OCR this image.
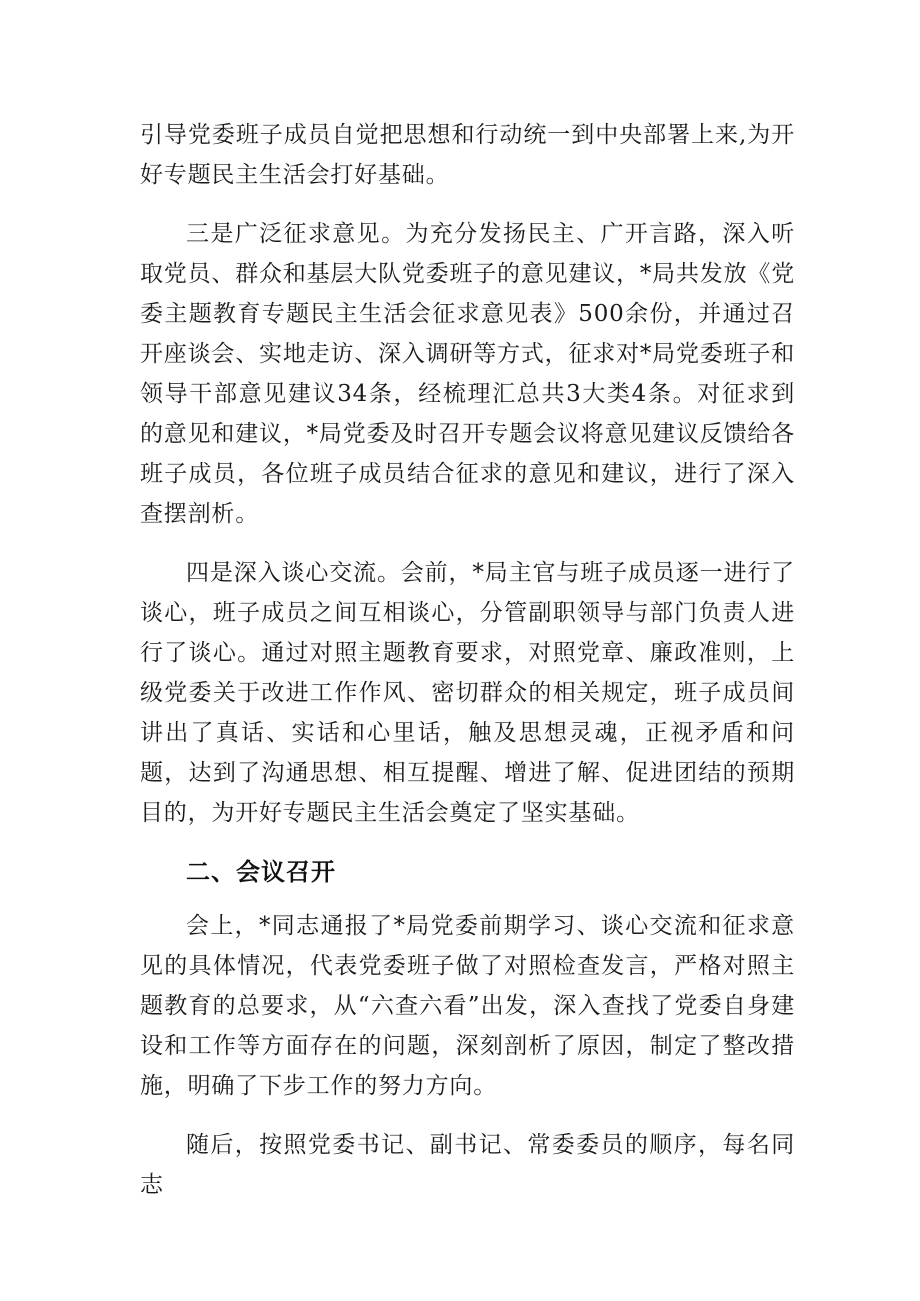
引导党委班子成员自觉把思想和行动统一到中央部署上来,为开好专题民主生活会打好基础。

三是广泛征求意见。为充分发扬民主、广开言路，深入听取党员、群众和基层大队党委班子的意见建议，*局共发放《党委主题教育专题民主生活会征求意见表》500余份，并通过召开座谈会、实地走访、深入调研等方式，征求对*局党委班子和领导干部意见建议34条，经梳理汇总共3大类4条。对征求到的意见和建议，*局党委及时召开专题会议将意见建议反馈给各班子成员，各位班子成员结合征求的意见和建议，进行了深入查摆剖析。

四是深入谈心交流。会前，*局主官与班子成员逐一进行了谈心，班子成员之间互相谈心，分管副职领导与部门负责人进行了谈心。通过对照主题教育要求，对照党章、廉政准则，上级党委关于改进工作作风、密切群众的相关规定，班子成员间讲出了真话、实话和心里话，触及思想灵魂，正视矛盾和问题，达到了沟通思想、相互提醒、增进了解、促进团结的预期目的，为开好专题民主生活会奠定了坚实基础。

二、会议召开

会上，*同志通报了*局党委前期学习、谈心交流和征求意见的具体情况，代表党委班子做了对照检查发言，严格对照主题教育的总要求，从“六查六看”出发，深入查找了党委自身建设和工作等方面存在的问题，深刻剖析了原因，制定了整改措施，明确了下步工作的努力方向。

随后，按照党委书记、副书记、常委委员的顺序，每名同志
